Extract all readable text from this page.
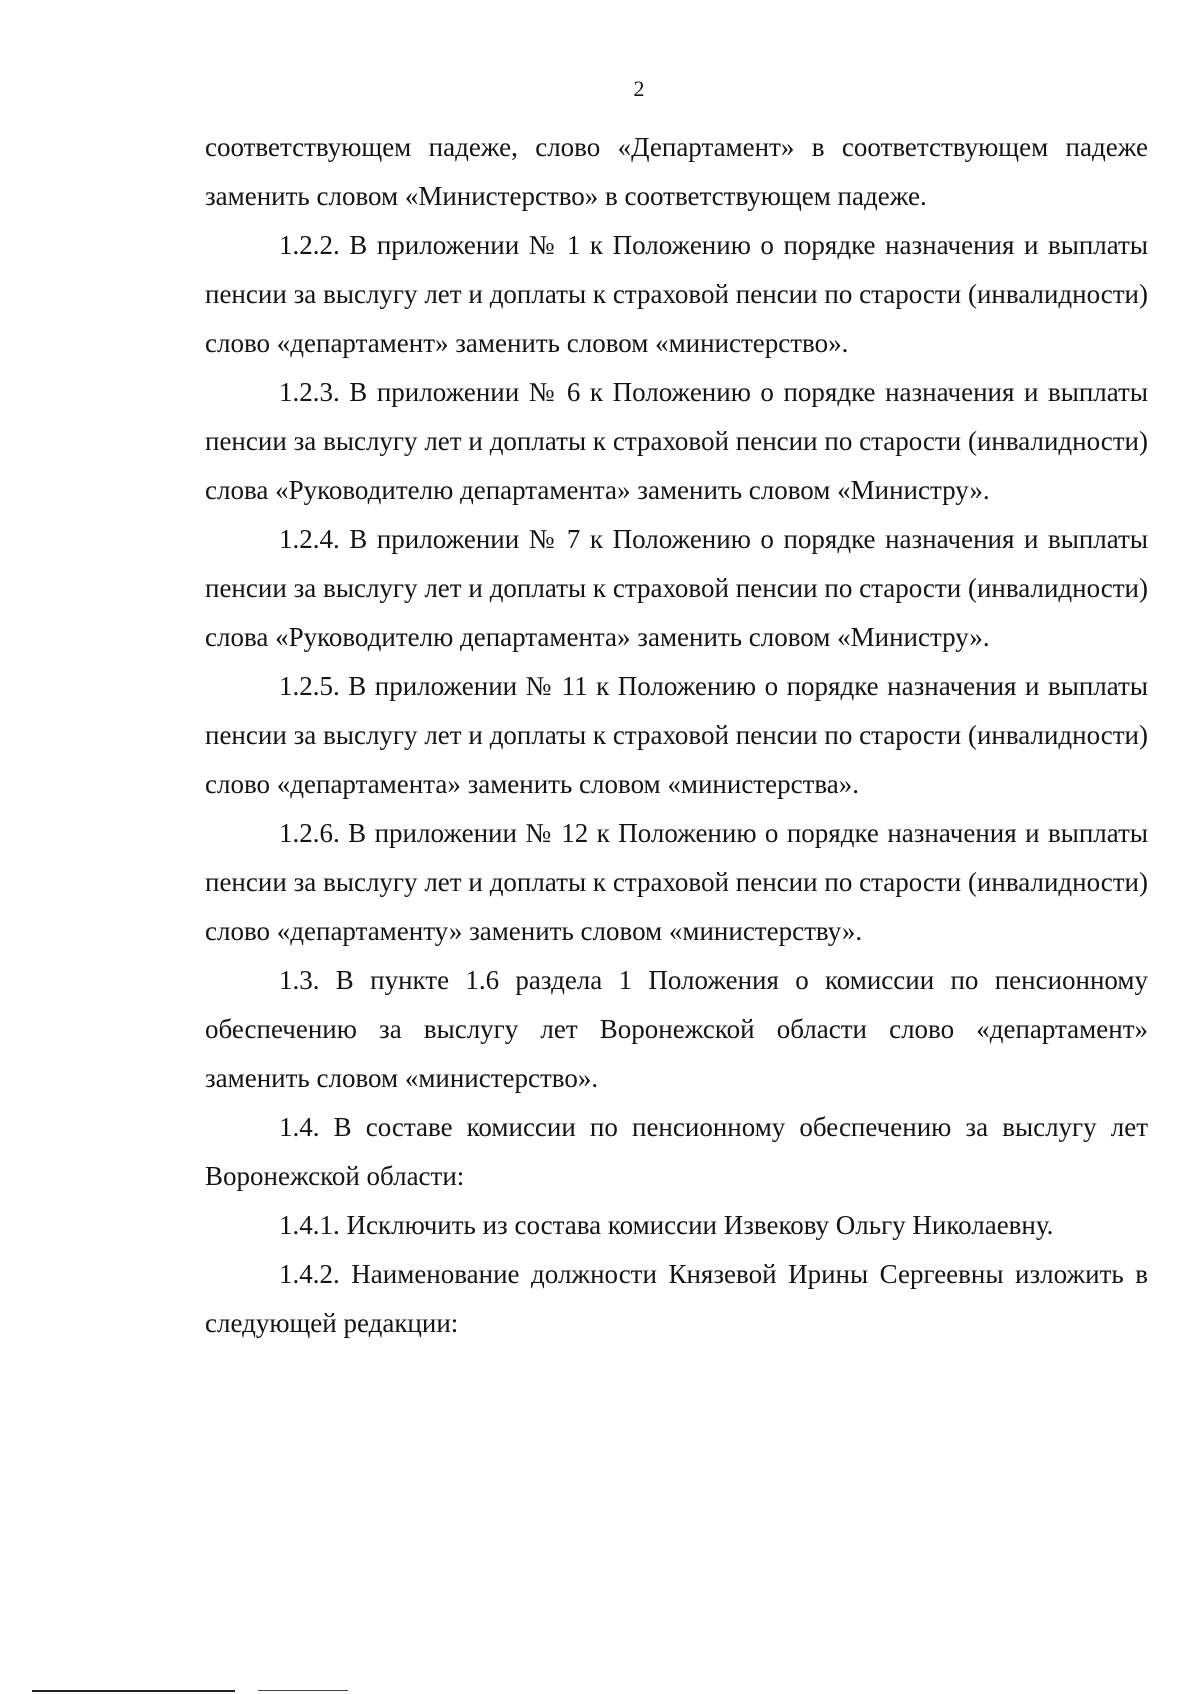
2

соответствующем падеже, слово «Департамент» в соответствующем падеже заменить словом «Министерство» в соответствующем падеже.

1.2.2. В приложении № 1 к Положению о порядке назначения и выплаты пенсии за выслугу лет и доплаты к страховой пенсии по старости (инвалидности) слово «департамент» заменить словом «министерство».

1.2.3. В приложении № 6 к Положению о порядке назначения и выплаты пенсии за выслугу лет и доплаты к страховой пенсии по старости (инвалидности) слова «Руководителю департамента» заменить словом «Министру».

1.2.4. В приложении № 7 к Положению о порядке назначения и выплаты пенсии за выслугу лет и доплаты к страховой пенсии по старости (инвалидности) слова «Руководителю департамента» заменить словом «Министру».

1.2.5. В приложении № 11 к Положению о порядке назначения и выплаты пенсии за выслугу лет и доплаты к страховой пенсии по старости (инвалидности) слово «департамента» заменить словом «министерства».

1.2.6. В приложении № 12 к Положению о порядке назначения и выплаты пенсии за выслугу лет и доплаты к страховой пенсии по старости (инвалидности) слово «департаменту» заменить словом «министерству».

1.3. В пункте 1.6 раздела 1 Положения о комиссии по пенсионному обеспечению за выслугу лет Воронежской области слово «департамент» заменить словом «министерство».

1.4. В составе комиссии по пенсионному обеспечению за выслугу лет Воронежской области:

1.4.1. Исключить из состава комиссии Извекову Ольгу Николаевну.

1.4.2. Наименование должности Князевой Ирины Сергеевны изложить в следующей редакции:
